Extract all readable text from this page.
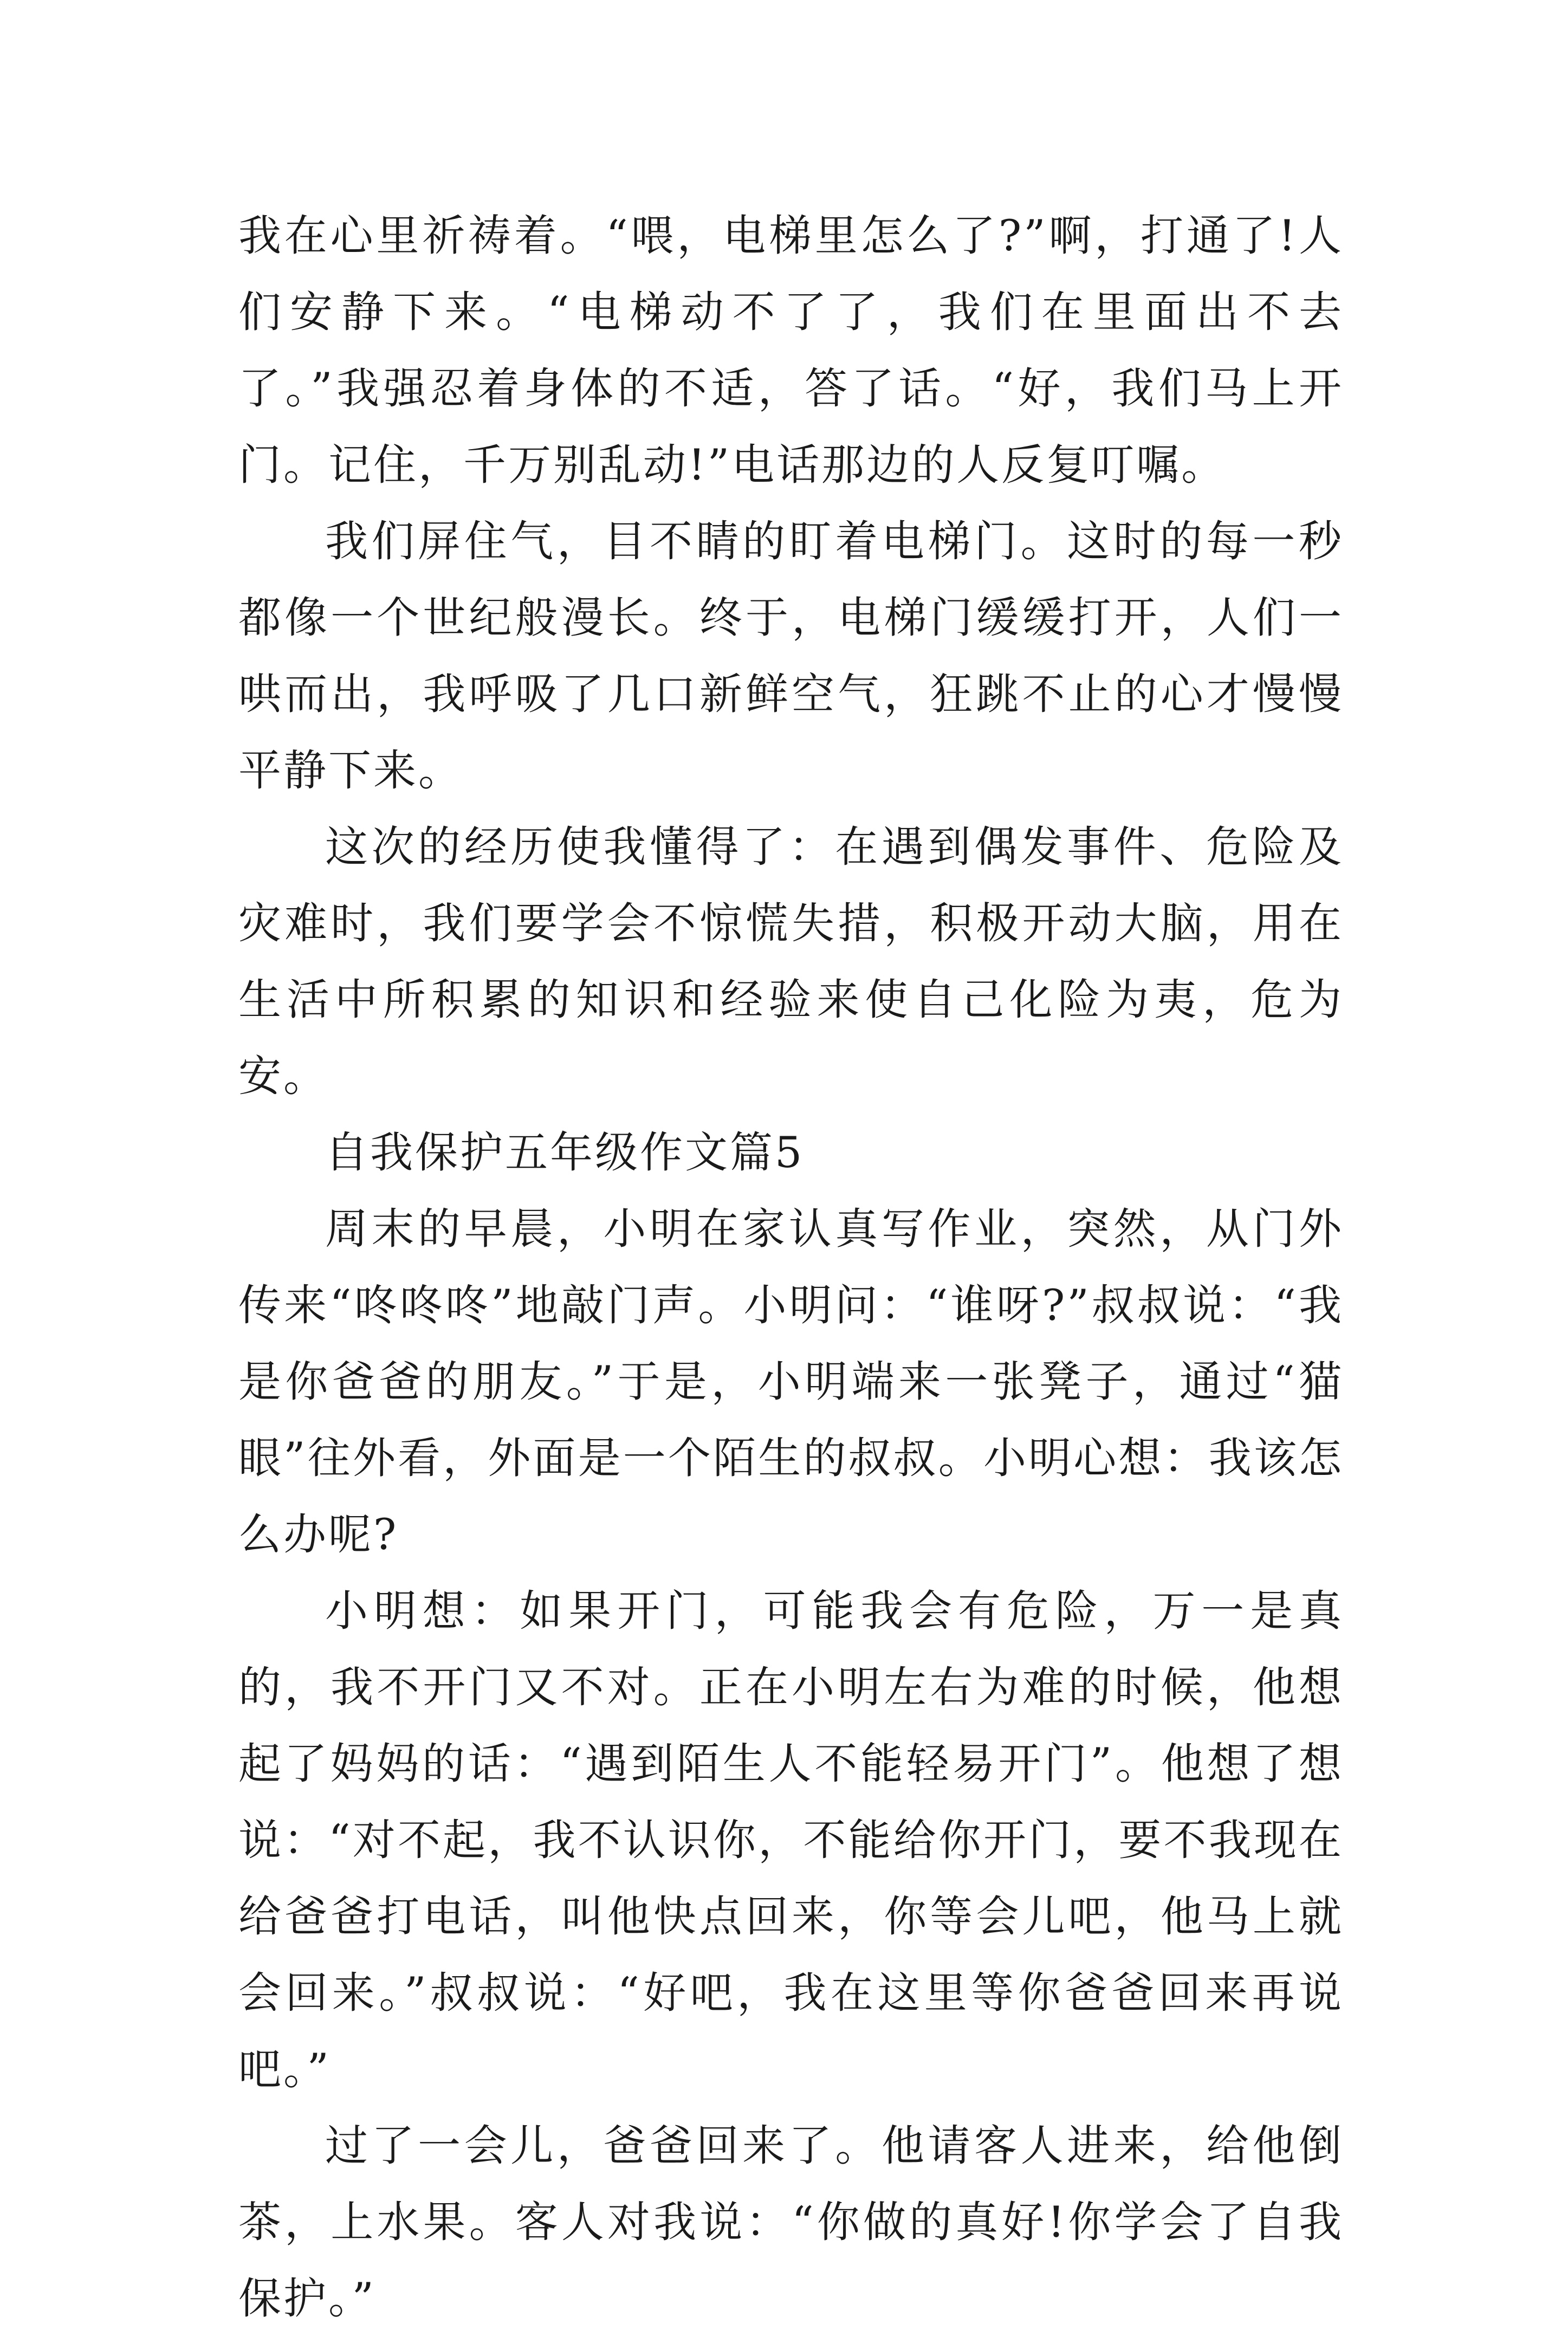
我在心里祈祷着。“喂，电梯里怎么了?”啊，打通了!人们安静下来。“电梯动不了了，我们在里面出不去了。”我强忍着身体的不适，答了话。“好，我们马上开门。记住，千万别乱动!”电话那边的人反复叮嘱。

我们屏住气，目不睛的盯着电梯门。这时的每一秒都像一个世纪般漫长。终于，电梯门缓缓打开，人们一哄而出，我呼吸了几口新鲜空气，狂跳不止的心才慢慢平静下来。

这次的经历使我懂得了：在遇到偶发事件、危险及灾难时，我们要学会不惊慌失措，积极开动大脑，用在生活中所积累的知识和经验来使自己化险为夷，危为安。

自我保护五年级作文篇5

周末的早晨，小明在家认真写作业，突然，从门外传来“咚咚咚”地敲门声。小明问：“谁呀?”叔叔说：“我是你爸爸的朋友。”于是，小明端来一张凳子，通过“猫眼”往外看，外面是一个陌生的叔叔。小明心想：我该怎么办呢?

小明想：如果开门，可能我会有危险，万一是真的，我不开门又不对。正在小明左右为难的时候，他想起了妈妈的话：“遇到陌生人不能轻易开门”。他想了想说：“对不起，我不认识你，不能给你开门，要不我现在给爸爸打电话，叫他快点回来，你等会儿吧，他马上就会回来。”叔叔说：“好吧，我在这里等你爸爸回来再说吧。”

过了一会儿，爸爸回来了。他请客人进来，给他倒茶，上水果。客人对我说：“你做的真好!你学会了自我保护。”
